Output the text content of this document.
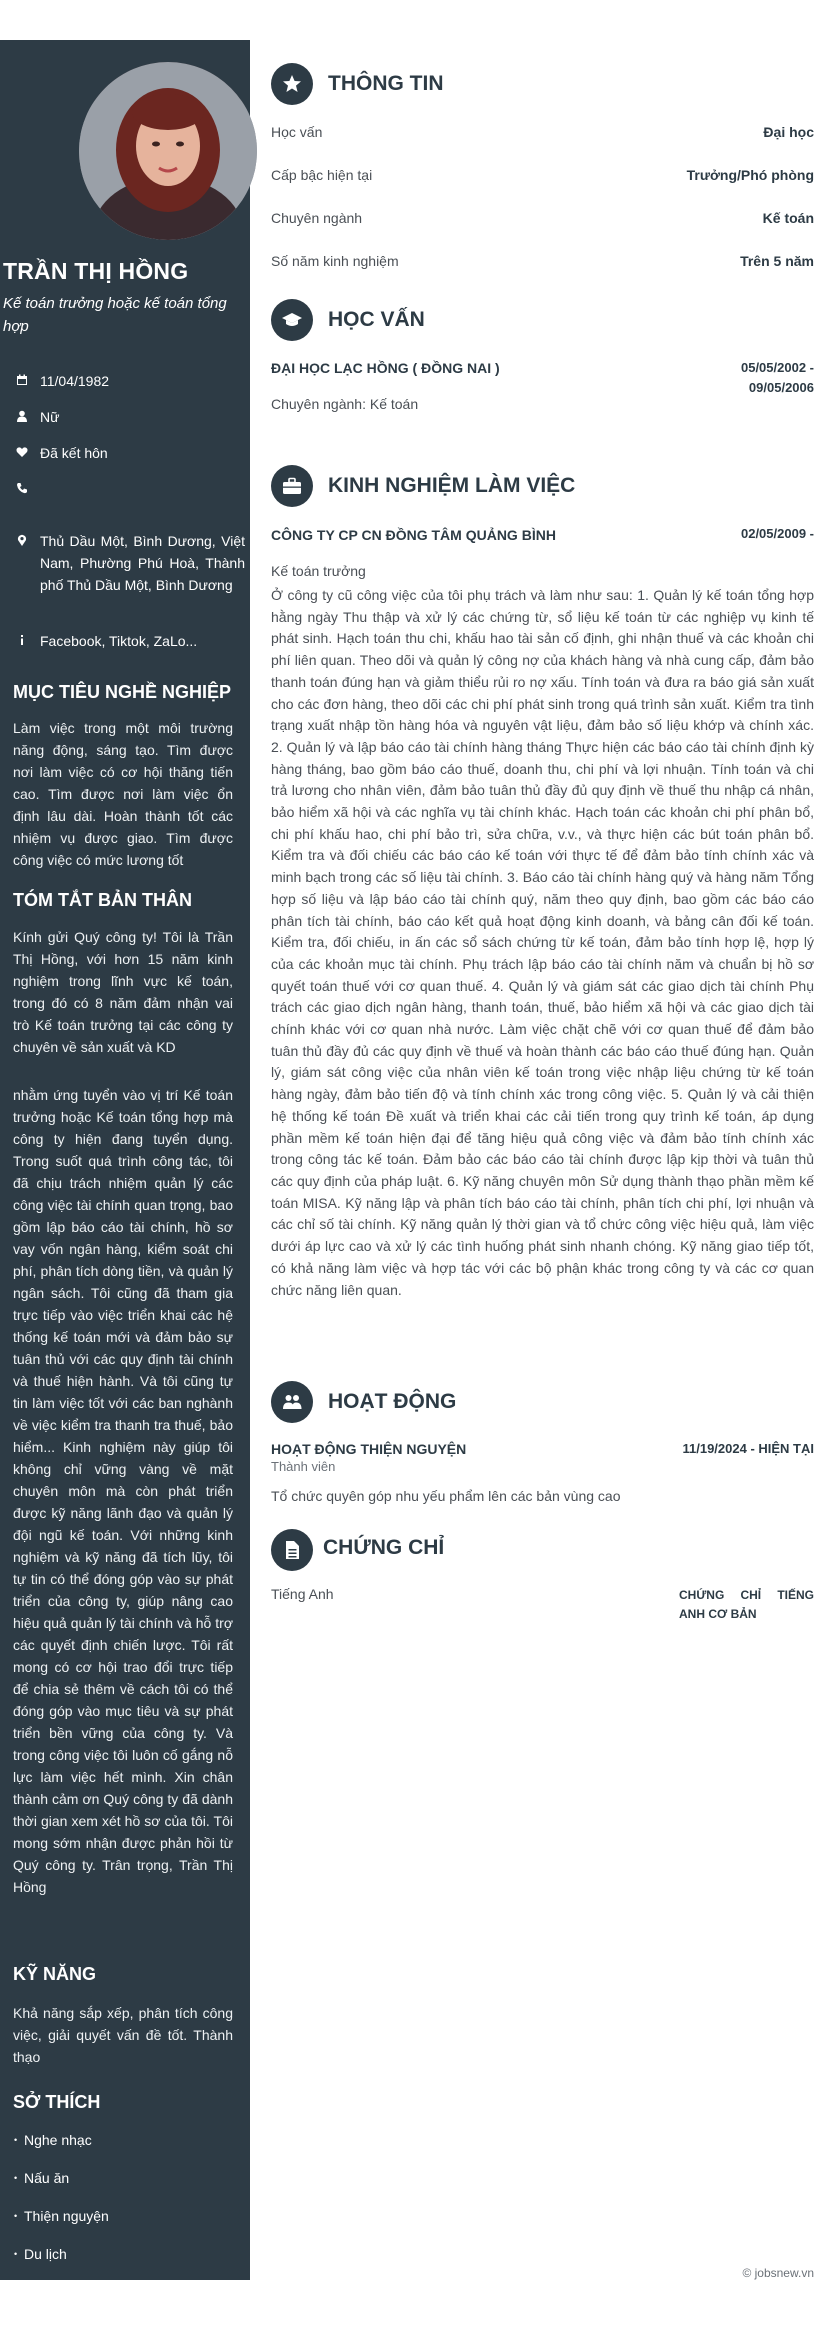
TRẦN THỊ HỒNG
Kế toán trưởng hoặc kế toán tổng hợp
11/04/1982
Nữ
Đã kết hôn
Thủ Dầu Một, Bình Dương, Việt Nam, Phường Phú Hoà, Thành phố Thủ Dầu Một, Bình Dương
Facebook, Tiktok, ZaLo...
MỤC TIÊU NGHỀ NGHIỆP
Làm việc trong một môi trường năng động, sáng tạo. Tìm được nơi làm việc có cơ hội thăng tiến cao. Tìm được nơi làm việc ổn định lâu dài. Hoàn thành tốt các nhiệm vụ được giao. Tìm được công việc có mức lương tốt
TÓM TẮT BẢN THÂN
Kính gửi Quý công ty! Tôi là Trần Thị Hồng, với hơn 15 năm kinh nghiệm trong lĩnh vực kế toán, trong đó có 8 năm đảm nhận vai trò Kế toán trưởng tại các công ty chuyên về sản xuất và KD
nhằm ứng tuyển vào vị trí Kế toán trưởng hoặc Kế toán tổng hợp mà công ty hiện đang tuyển dụng. Trong suốt quá trình công tác, tôi đã chịu trách nhiệm quản lý các công việc tài chính quan trọng, bao gồm lập báo cáo tài chính, hồ sơ vay vốn ngân hàng, kiểm soát chi phí, phân tích dòng tiền, và quản lý ngân sách. Tôi cũng đã tham gia trực tiếp vào việc triển khai các hệ thống kế toán mới và đảm bảo sự tuân thủ với các quy định tài chính và thuế hiện hành. Và tôi cũng tự tin làm việc tốt với các ban nghành về việc kiểm tra thanh tra thuế, bảo hiểm... Kinh nghiệm này giúp tôi không chỉ vững vàng về mặt chuyên môn mà còn phát triển được kỹ năng lãnh đạo và quản lý đội ngũ kế toán. Với những kinh nghiệm và kỹ năng đã tích lũy, tôi tự tin có thể đóng góp vào sự phát triển của công ty, giúp nâng cao hiệu quả quản lý tài chính và hỗ trợ các quyết định chiến lược. Tôi rất mong có cơ hội trao đổi trực tiếp để chia sẻ thêm về cách tôi có thể đóng góp vào mục tiêu và sự phát triển bền vững của công ty. Và trong công việc tôi luôn cố gắng nỗ lực làm việc hết mình. Xin chân thành cảm ơn Quý công ty đã dành thời gian xem xét hồ sơ của tôi. Tôi mong sớm nhận được phản hồi từ Quý công ty. Trân trọng, Trần Thị Hồng
KỸ NĂNG
Khả năng sắp xếp, phân tích công việc, giải quyết vấn đề tốt. Thành thạo
SỞ THÍCH
• Nghe nhạc
• Nấu ăn
• Thiện nguyện
• Du lịch
THÔNG TIN
Học vấn	Đại học
Cấp bậc hiện tại	Trưởng/Phó phòng
Chuyên ngành	Kế toán
Số năm kinh nghiệm	Trên 5 năm
HỌC VẤN
ĐẠI HỌC LẠC HỒNG ( ĐỒNG NAI )	05/05/2002 -
09/05/2006
Chuyên ngành: Kế toán
KINH NGHIỆM LÀM VIỆC
CÔNG TY CP CN ĐỒNG TÂM QUẢNG BÌNH	02/05/2009 -
Kế toán trưởng
Ở công ty cũ công việc của tôi phụ trách và làm như sau: 1. Quản lý kế toán tổng hợp hằng ngày Thu thập và xử lý các chứng từ, sổ liệu kế toán từ các nghiệp vụ kinh tế phát sinh. Hạch toán thu chi, khấu hao tài sản cố định, ghi nhận thuế và các khoản chi phí liên quan. Theo dõi và quản lý công nợ của khách hàng và nhà cung cấp, đảm bảo thanh toán đúng hạn và giảm thiểu rủi ro nợ xấu. Tính toán và đưa ra báo giá sản xuất cho các đơn hàng, theo dõi các chi phí phát sinh trong quá trình sản xuất. Kiểm tra tình trạng xuất nhập tồn hàng hóa và nguyên vật liệu, đảm bảo số liệu khớp và chính xác. 2. Quản lý và lập báo cáo tài chính hàng tháng Thực hiện các báo cáo tài chính định kỳ hàng tháng, bao gồm báo cáo thuế, doanh thu, chi phí và lợi nhuận. Tính toán và chi trả lương cho nhân viên, đảm bảo tuân thủ đầy đủ quy định về thuế thu nhập cá nhân, bảo hiểm xã hội và các nghĩa vụ tài chính khác. Hạch toán các khoản chi phí phân bổ, chi phí khấu hao, chi phí bảo trì, sửa chữa, v.v., và thực hiện các bút toán phân bổ. Kiểm tra và đối chiếu các báo cáo kế toán với thực tế để đảm bảo tính chính xác và minh bạch trong các số liệu tài chính. 3. Báo cáo tài chính hàng quý và hàng năm Tổng hợp số liệu và lập báo cáo tài chính quý, năm theo quy định, bao gồm các báo cáo phân tích tài chính, báo cáo kết quả hoạt động kinh doanh, và bảng cân đối kế toán. Kiểm tra, đối chiếu, in ấn các sổ sách chứng từ kế toán, đảm bảo tính hợp lệ, hợp lý của các khoản mục tài chính. Phụ trách lập báo cáo tài chính năm và chuẩn bị hồ sơ quyết toán thuế với cơ quan thuế. 4. Quản lý và giám sát các giao dịch tài chính Phụ trách các giao dịch ngân hàng, thanh toán, thuế, bảo hiểm xã hội và các giao dịch tài chính khác với cơ quan nhà nước. Làm việc chặt chẽ với cơ quan thuế để đảm bảo tuân thủ đầy đủ các quy định về thuế và hoàn thành các báo cáo thuế đúng hạn. Quản lý, giám sát công việc của nhân viên kế toán trong việc nhập liệu chứng từ kế toán hàng ngày, đảm bảo tiến độ và tính chính xác trong công việc. 5. Quản lý và cải thiện hệ thống kế toán Đề xuất và triển khai các cải tiến trong quy trình kế toán, áp dụng phần mềm kế toán hiện đại để tăng hiệu quả công việc và đảm bảo tính chính xác trong công tác kế toán. Đảm bảo các báo cáo tài chính được lập kịp thời và tuân thủ các quy định của pháp luật. 6. Kỹ năng chuyên môn Sử dụng thành thạo phần mềm kế toán MISA. Kỹ năng lập và phân tích báo cáo tài chính, phân tích chi phí, lợi nhuận và các chỉ số tài chính. Kỹ năng quản lý thời gian và tổ chức công việc hiệu quả, làm việc dưới áp lực cao và xử lý các tình huống phát sinh nhanh chóng. Kỹ năng giao tiếp tốt, có khả năng làm việc và hợp tác với các bộ phận khác trong công ty và các cơ quan chức năng liên quan.
HOẠT ĐỘNG
HOẠT ĐỘNG THIỆN NGUYỆN	11/19/2024 - HIỆN TẠI
Thành viên
Tổ chức quyên góp nhu yếu phẩm lên các bản vùng cao
CHỨNG CHỈ
Tiếng Anh	CHỨNG CHỈ TIẾNG
ANH CƠ BẢN
© jobsnew.vn
